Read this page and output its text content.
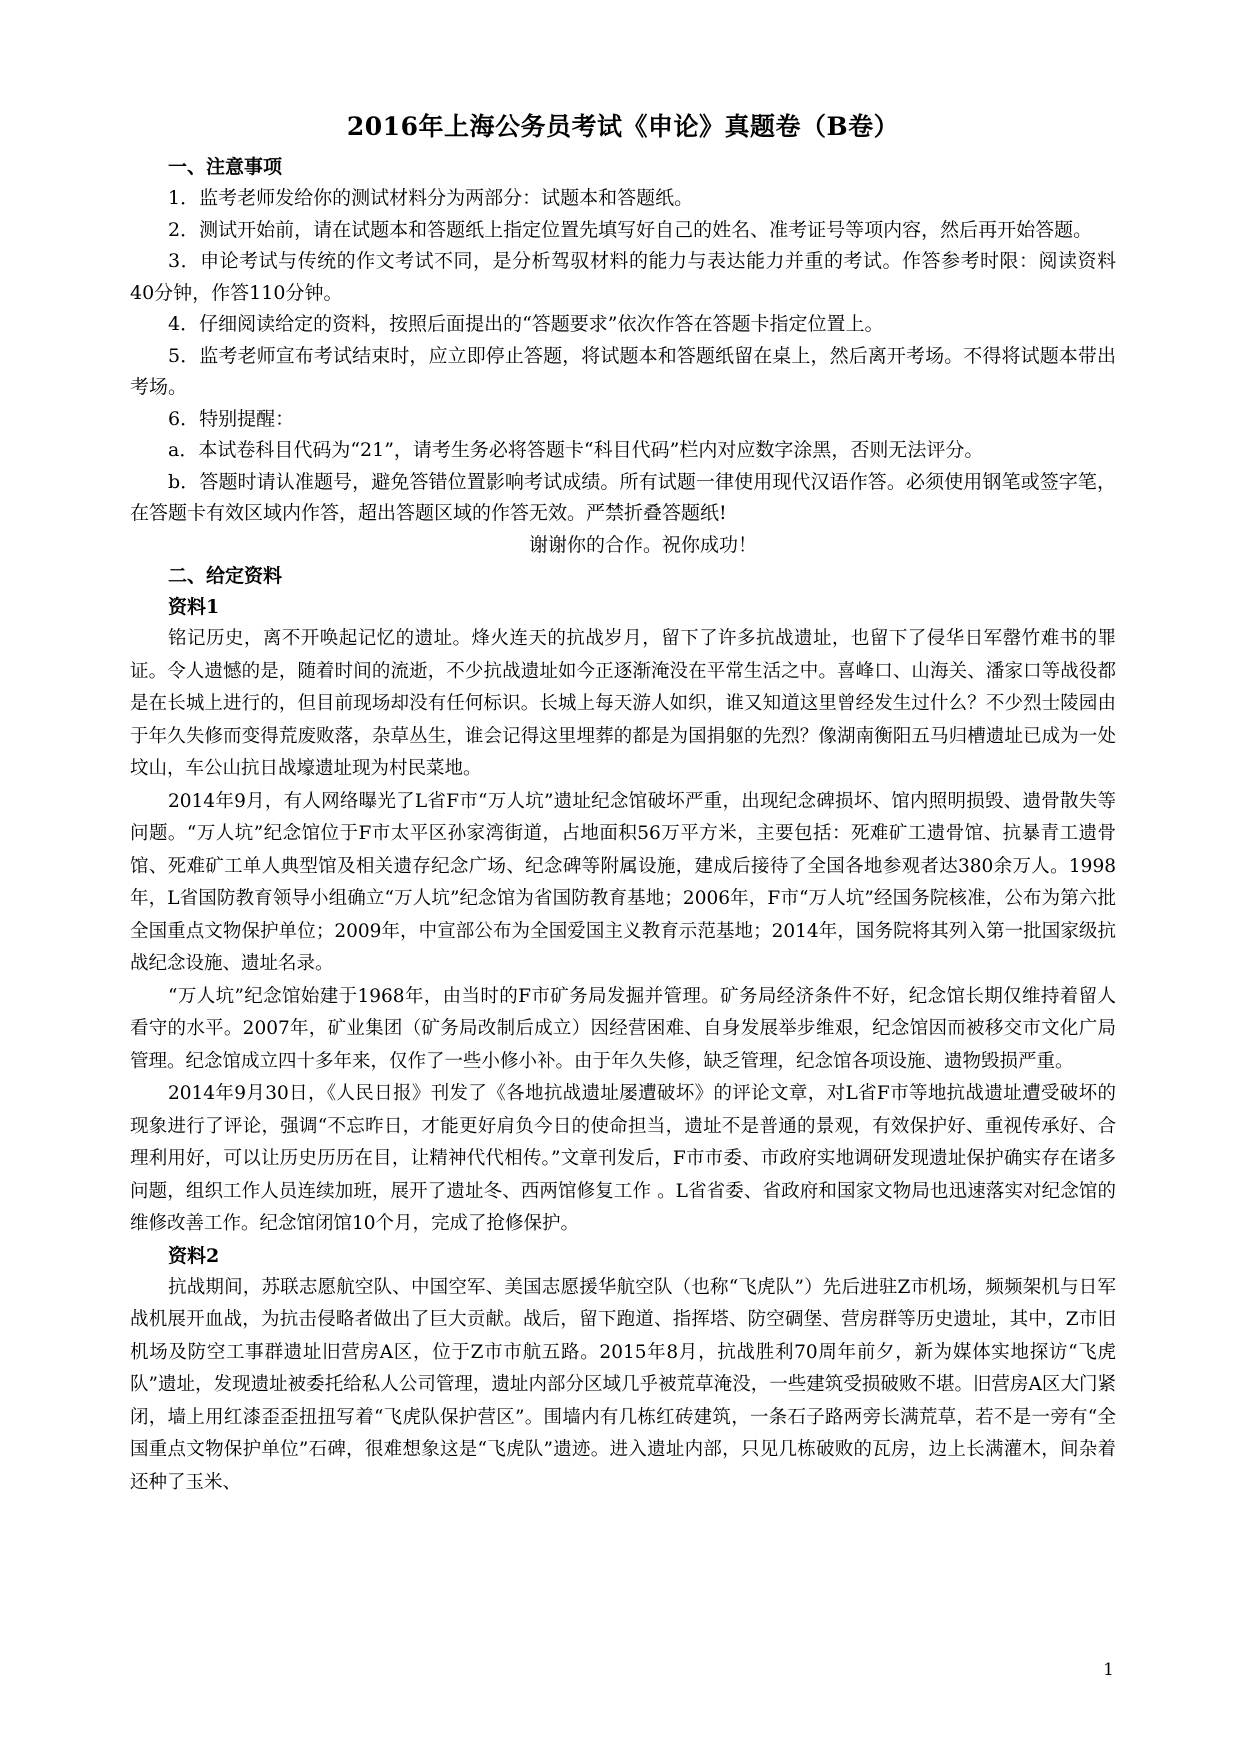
2016年上海公务员考试《申论》真题卷（B卷）

一、注意事项

1．监考老师发给你的测试材料分为两部分：试题本和答题纸。

2．测试开始前，请在试题本和答题纸上指定位置先填写好自己的姓名、准考证号等项内容，然后再开始答题。

3．申论考试与传统的作文考试不同，是分析驾驭材料的能力与表达能力并重的考试。作答参考时限：阅读资料40分钟，作答110分钟。

4．仔细阅读给定的资料，按照后面提出的“答题要求”依次作答在答题卡指定位置上。

5．监考老师宣布考试结束时，应立即停止答题，将试题本和答题纸留在桌上，然后离开考场。不得将试题本带出考场。

6．特别提醒：

a．本试卷科目代码为“21”，请考生务必将答题卡“科目代码”栏内对应数字涂黑，否则无法评分。

b．答题时请认准题号，避免答错位置影响考试成绩。所有试题一律使用现代汉语作答。必须使用钢笔或签字笔，在答题卡有效区域内作答，超出答题区域的作答无效。严禁折叠答题纸!

谢谢你的合作。祝你成功！

二、给定资料

资料1

铭记历史，离不开唤起记忆的遗址。烽火连天的抗战岁月，留下了许多抗战遗址，也留下了侵华日军罄竹难书的罪证。令人遗憾的是，随着时间的流逝，不少抗战遗址如今正逐渐淹没在平常生活之中。喜峰口、山海关、潘家口等战役都是在长城上进行的，但目前现场却没有任何标识。长城上每天游人如织，谁又知道这里曾经发生过什么？不少烈士陵园由于年久失修而变得荒废败落，杂草丛生，谁会记得这里埋葬的都是为国捐躯的先烈？像湖南衡阳五马归槽遗址已成为一处坟山，车公山抗日战壕遗址现为村民菜地。

2014年9月，有人网络曝光了L省F市“万人坑”遗址纪念馆破坏严重，出现纪念碑损坏、馆内照明损毁、遗骨散失等问题。“万人坑”纪念馆位于F市太平区孙家湾街道，占地面积56万平方米，主要包括：死难矿工遗骨馆、抗暴青工遗骨馆、死难矿工单人典型馆及相关遗存纪念广场、纪念碑等附属设施，建成后接待了全国各地参观者达380余万人。1998年，L省国防教育领导小组确立“万人坑”纪念馆为省国防教育基地；2006年，F市“万人坑”经国务院核准，公布为第六批全国重点文物保护单位；2009年，中宣部公布为全国爱国主义教育示范基地；2014年，国务院将其列入第一批国家级抗战纪念设施、遗址名录。

“万人坑”纪念馆始建于1968年，由当时的F市矿务局发掘并管理。矿务局经济条件不好，纪念馆长期仅维持着留人看守的水平。2007年，矿业集团（矿务局改制后成立）因经营困难、自身发展举步维艰，纪念馆因而被移交市文化广局管理。纪念馆成立四十多年来，仅作了一些小修小补。由于年久失修，缺乏管理，纪念馆各项设施、遗物毁损严重。

2014年9月30日，《人民日报》刊发了《各地抗战遗址屡遭破坏》的评论文章，对L省F市等地抗战遗址遭受破坏的现象进行了评论，强调“不忘昨日，才能更好肩负今日的使命担当，遗址不是普通的景观，有效保护好、重视传承好、合理利用好，可以让历史历历在目，让精神代代相传。”文章刊发后，F市市委、市政府实地调研发现遗址保护确实存在诸多问题，组织工作人员连续加班，展开了遗址冬、西两馆修复工作 。L省省委、省政府和国家文物局也迅速落实对纪念馆的维修改善工作。纪念馆闭馆10个月，完成了抢修保护。

资料2

抗战期间，苏联志愿航空队、中国空军、美国志愿援华航空队（也称“飞虎队”）先后进驻Z市机场，频频架机与日军战机展开血战，为抗击侵略者做出了巨大贡献。战后，留下跑道、指挥塔、防空碉堡、营房群等历史遗址，其中，Z市旧机场及防空工事群遗址旧营房A区，位于Z市市航五路。2015年8月，抗战胜利70周年前夕，新为媒体实地探访“飞虎队”遗址，发现遗址被委托给私人公司管理，遗址内部分区域几乎被荒草淹没，一些建筑受损破败不堪。旧营房A区大门紧闭，墙上用红漆歪歪扭扭写着“飞虎队保护营区”。围墙内有几栋红砖建筑，一条石子路两旁长满荒草，若不是一旁有“全国重点文物保护单位”石碑，很难想象这是“飞虎队”遗迹。进入遗址内部，只见几栋破败的瓦房，边上长满灌木，间杂着还种了玉米、

1
